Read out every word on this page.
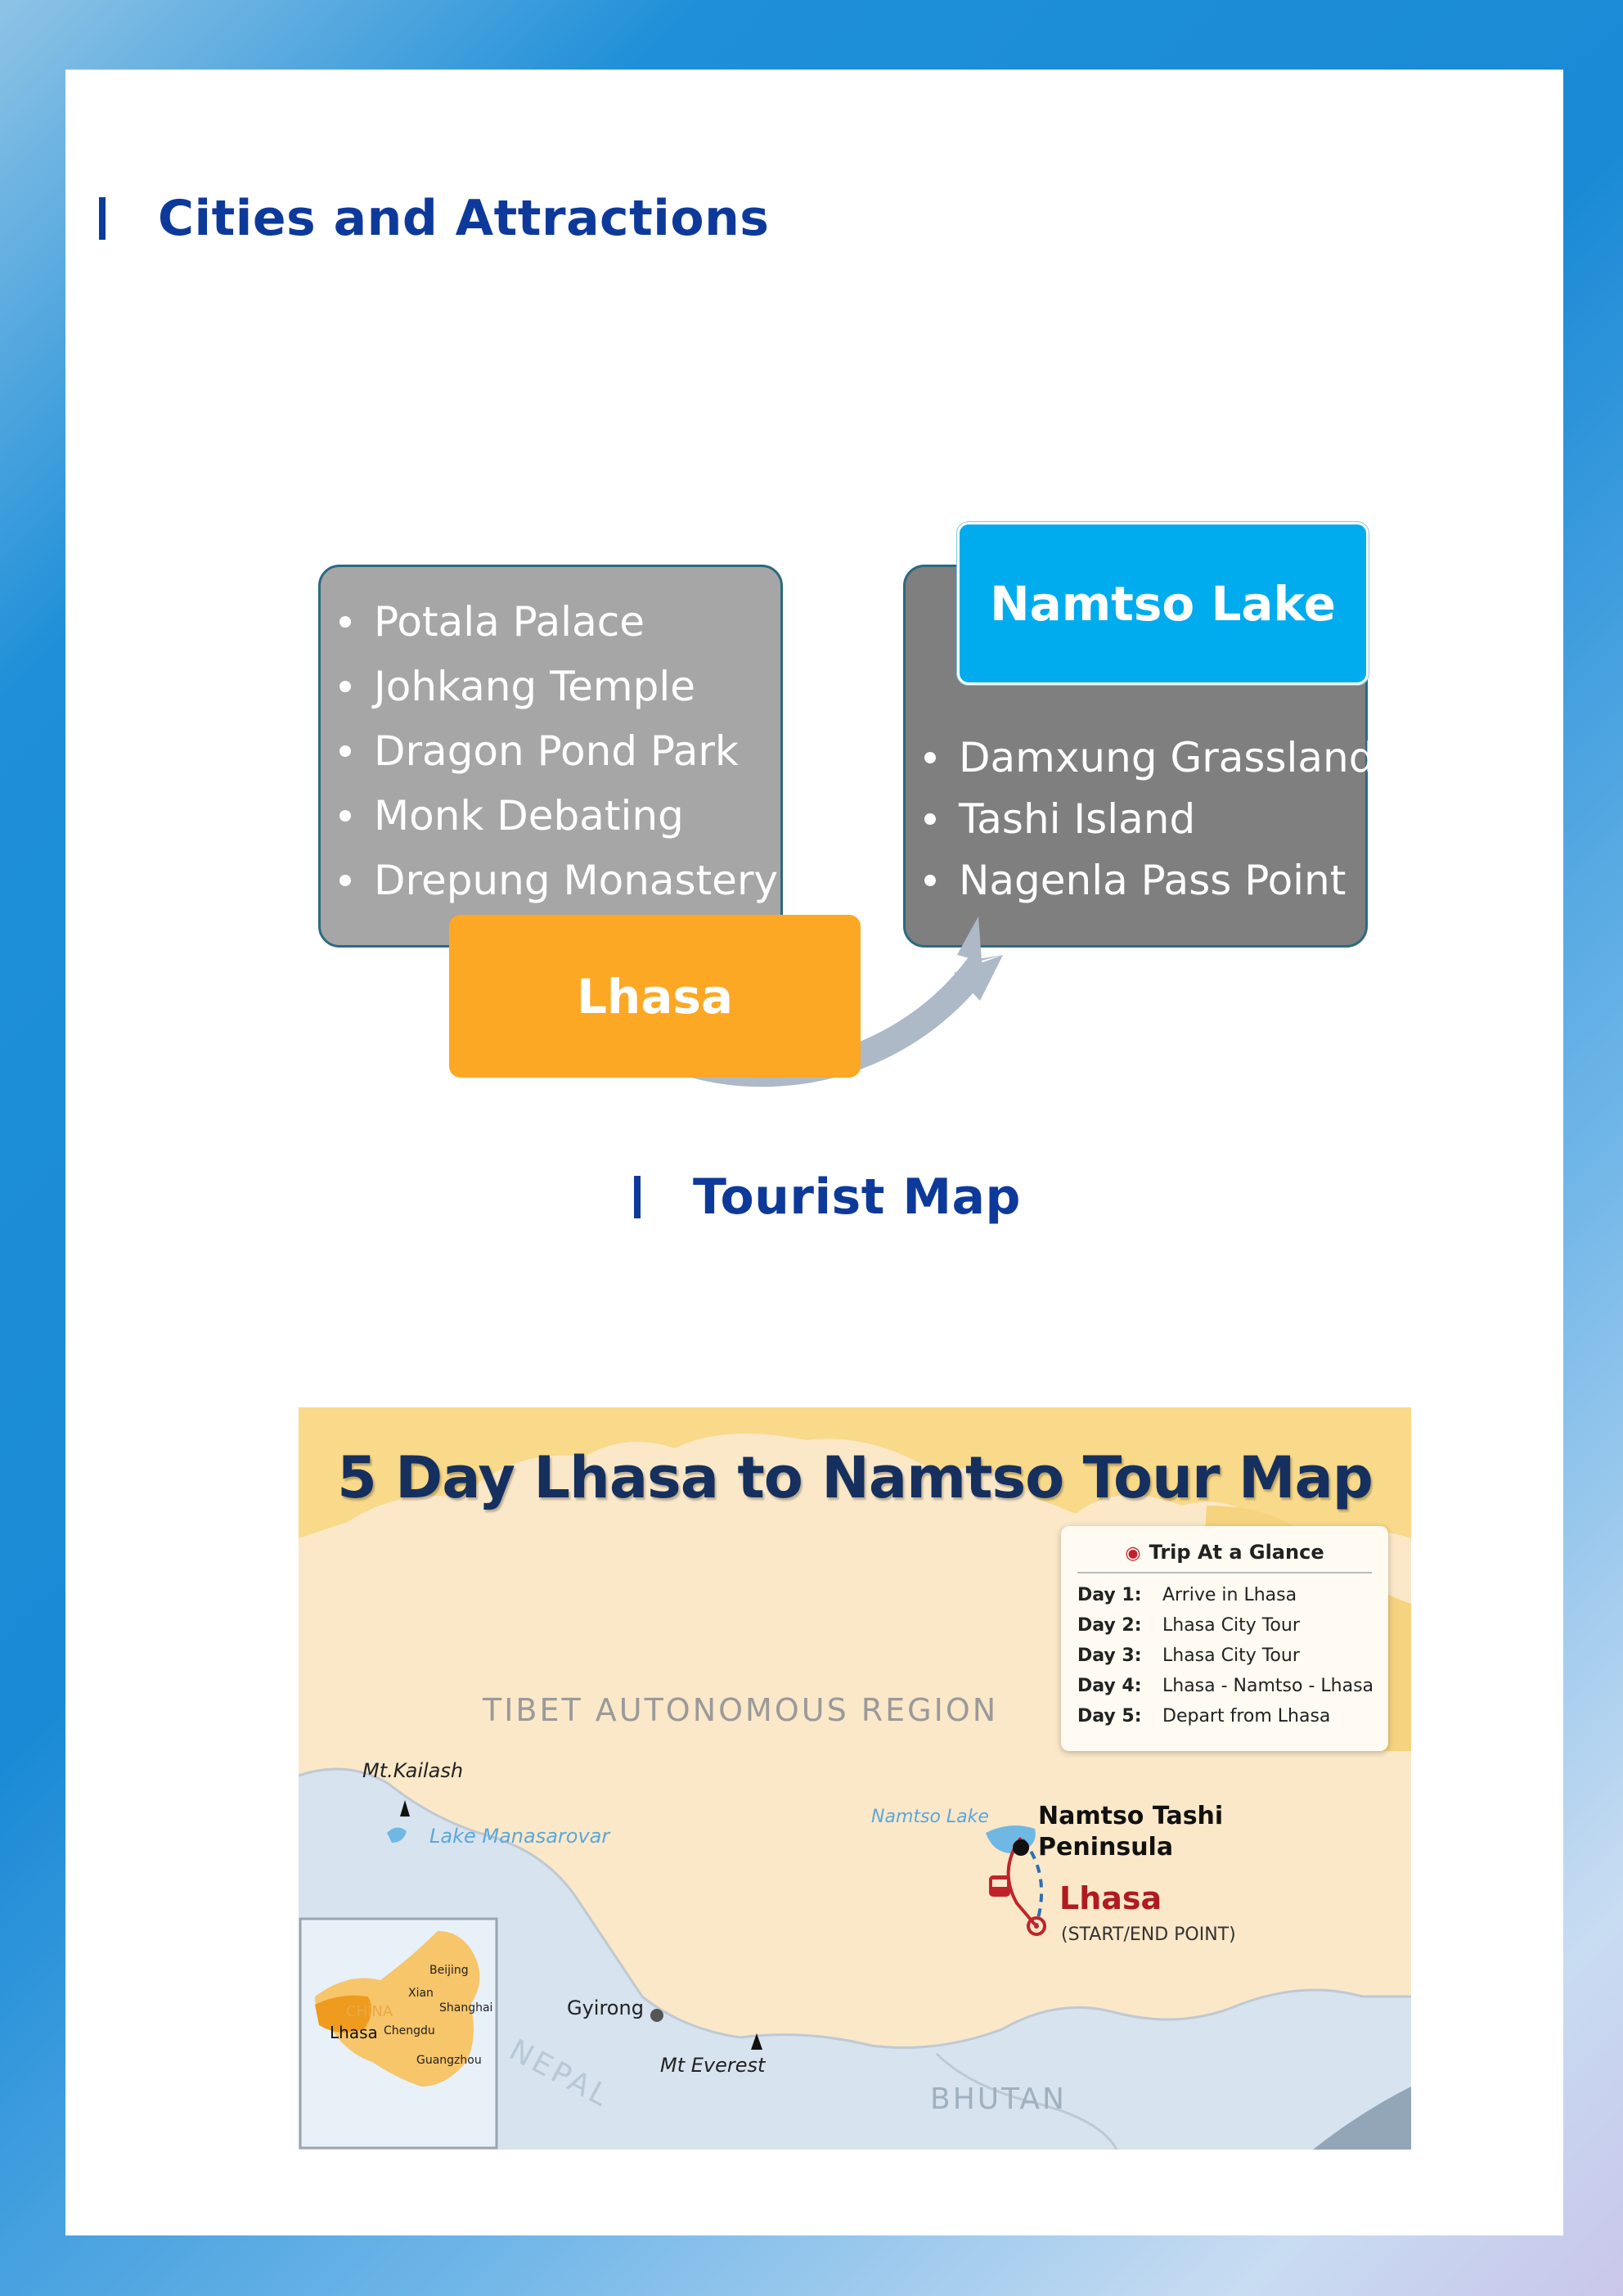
Cities and Attractions
Potala Palace
Johkang Temple
Dragon Pond Park
Monk Debating
Drepung Monastery
Damxung Grassland
Tashi Island
Nagenla Pass Point
Namtso Lake
Lhasa
Tourist Map
5 Day Lhasa to Namtso Tour Map
◉ Trip At a Glance
Day 1:	Arrive in Lhasa
Day 2:	Lhasa City Tour
Day 3:	Lhasa City Tour
Day 4:	Lhasa - Namtso - Lhasa
Day 5:	Depart from Lhasa
TIBET AUTONOMOUS REGION
Mt.Kailash
Lake Manasarovar
Namtso Lake Namtso Tashi
Peninsula
Lhasa
(START/END POINT)
Gyirong
NEPAL Mt Everest
BHUTAN
Beijing
Xian
Shanghai
CHINA
Lhasa Chengdu
Guangzhou
